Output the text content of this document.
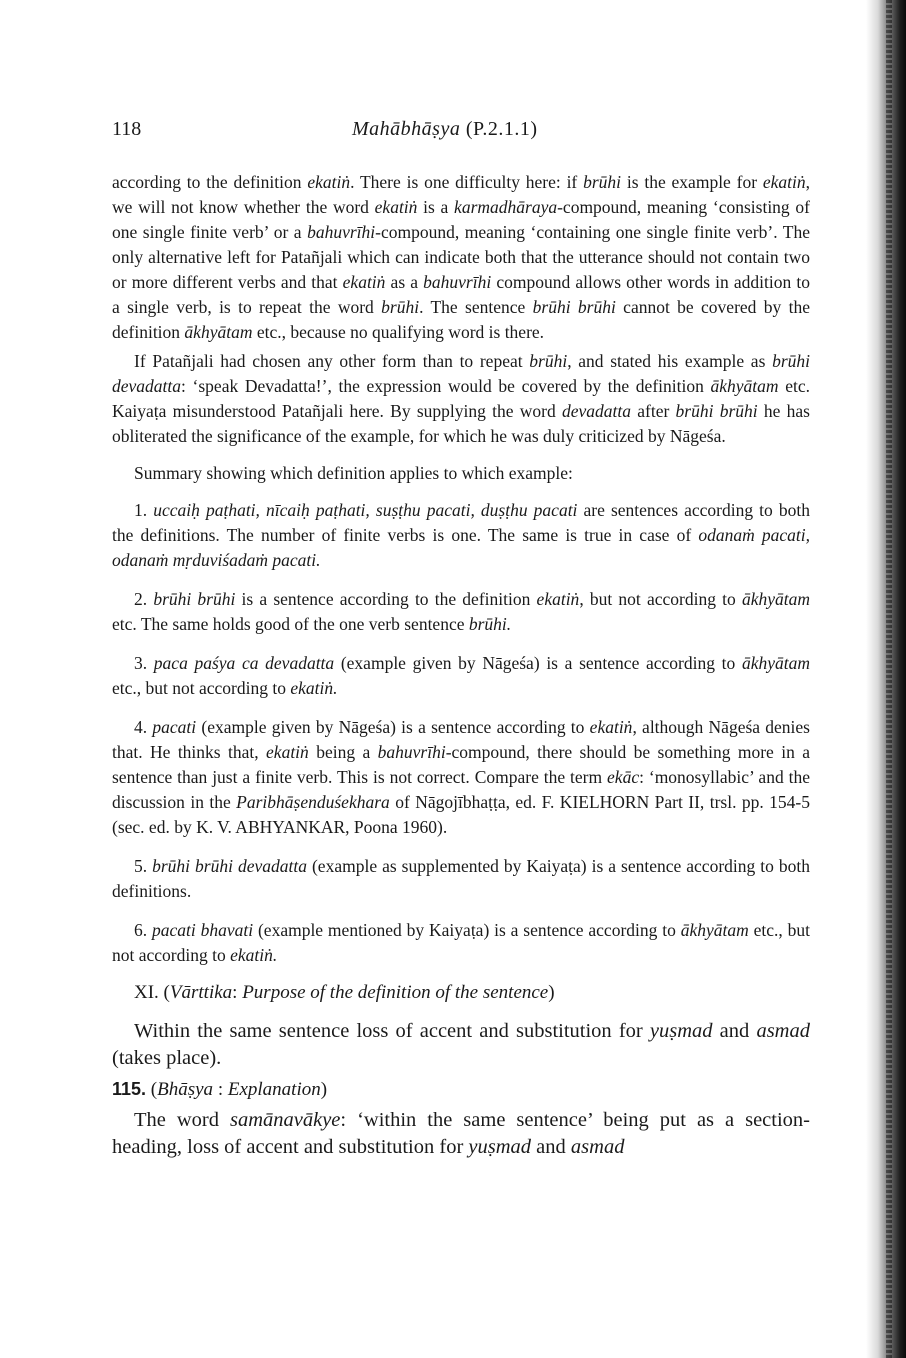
118	Mahābhāṣya (P.2.1.1)

according to the definition ekatiṅ. There is one difficulty here: if brūhi is the example for ekatiṅ, we will not know whether the word ekatiṅ is a karmadhāraya-compound, meaning ‘consisting of one single finite verb’ or a bahuvrīhi-compound, meaning ‘containing one single finite verb’. The only alternative left for Patañjali which can indicate both that the utterance should not contain two or more different verbs and that ekatiṅ as a bahuvrīhi compound allows other words in addition to a single verb, is to repeat the word brūhi. The sentence brūhi brūhi cannot be covered by the definition ākhyātam etc., because no qualifying word is there.

If Patañjali had chosen any other form than to repeat brūhi, and stated his example as brūhi devadatta: ‘speak Devadatta!’, the expression would be covered by the definition ākhyātam etc. Kaiyaṭa misunderstood Patañjali here. By supplying the word devadatta after brūhi brūhi he has obliterated the significance of the example, for which he was duly criticized by Nāgeśa.

Summary showing which definition applies to which example:

1. uccaiḥ paṭhati, nīcaiḥ paṭhati, suṣṭhu pacati, duṣṭhu pacati are sentences according to both the definitions. The number of finite verbs is one. The same is true in case of odanaṁ pacati, odanaṁ mṛduviśadaṁ pacati.

2. brūhi brūhi is a sentence according to the definition ekatiṅ, but not according to ākhyātam etc. The same holds good of the one verb sentence brūhi.

3. paca paśya ca devadatta (example given by Nāgeśa) is a sentence according to ākhyātam etc., but not according to ekatiṅ.

4. pacati (example given by Nāgeśa) is a sentence according to ekatiṅ, although Nāgeśa denies that. He thinks that, ekatiṅ being a bahuvrīhi-compound, there should be something more in a sentence than just a finite verb. This is not correct. Compare the term ekāc: ‘monosyllabic’ and the discussion in the Paribhāṣenduśekhara of Nāgojībhaṭṭa, ed. F. KIELHORN Part II, trsl. pp. 154-5 (sec. ed. by K. V. ABHYANKAR, Poona 1960).

5. brūhi brūhi devadatta (example as supplemented by Kaiyaṭa) is a sentence according to both definitions.

6. pacati bhavati (example mentioned by Kaiyaṭa) is a sentence according to ākhyātam etc., but not according to ekatiṅ.

XI. (Vārttika: Purpose of the definition of the sentence)

Within the same sentence loss of accent and substitution for yuṣmad and asmad (takes place).

115. (Bhāṣya : Explanation)

The word samānavākye: ‘within the same sentence’ being put as a section-heading, loss of accent and substitution for yuṣmad and asmad
